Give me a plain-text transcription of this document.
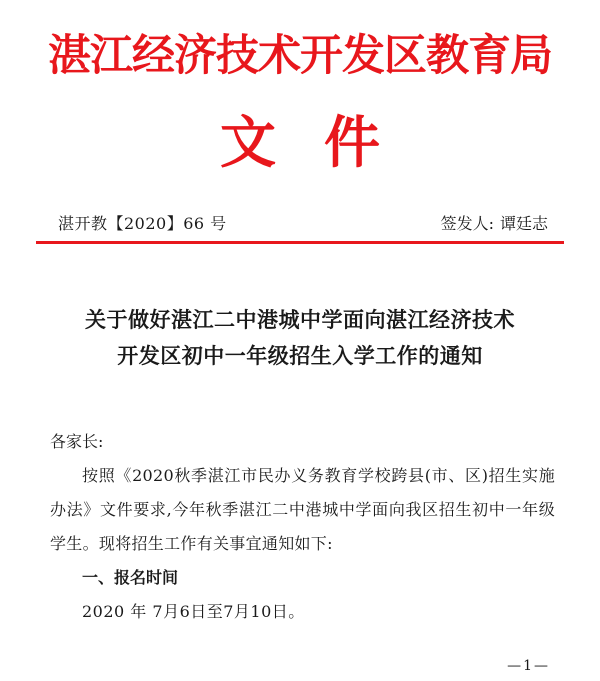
湛江经济技术开发区教育局
文件
湛开教【2020】66 号	签发人: 谭廷志
关于做好湛江二中港城中学面向湛江经济技术
开发区初中一年级招生入学工作的通知
各家长:
按照《2020秋季湛江市民办义务教育学校跨县(市、区)招生实施办法》文件要求,今年秋季湛江二中港城中学面向我区招生初中一年级学生。现将招生工作有关事宜通知如下:
一、报名时间
2020 年 7月6日至7月10日。
—1—
